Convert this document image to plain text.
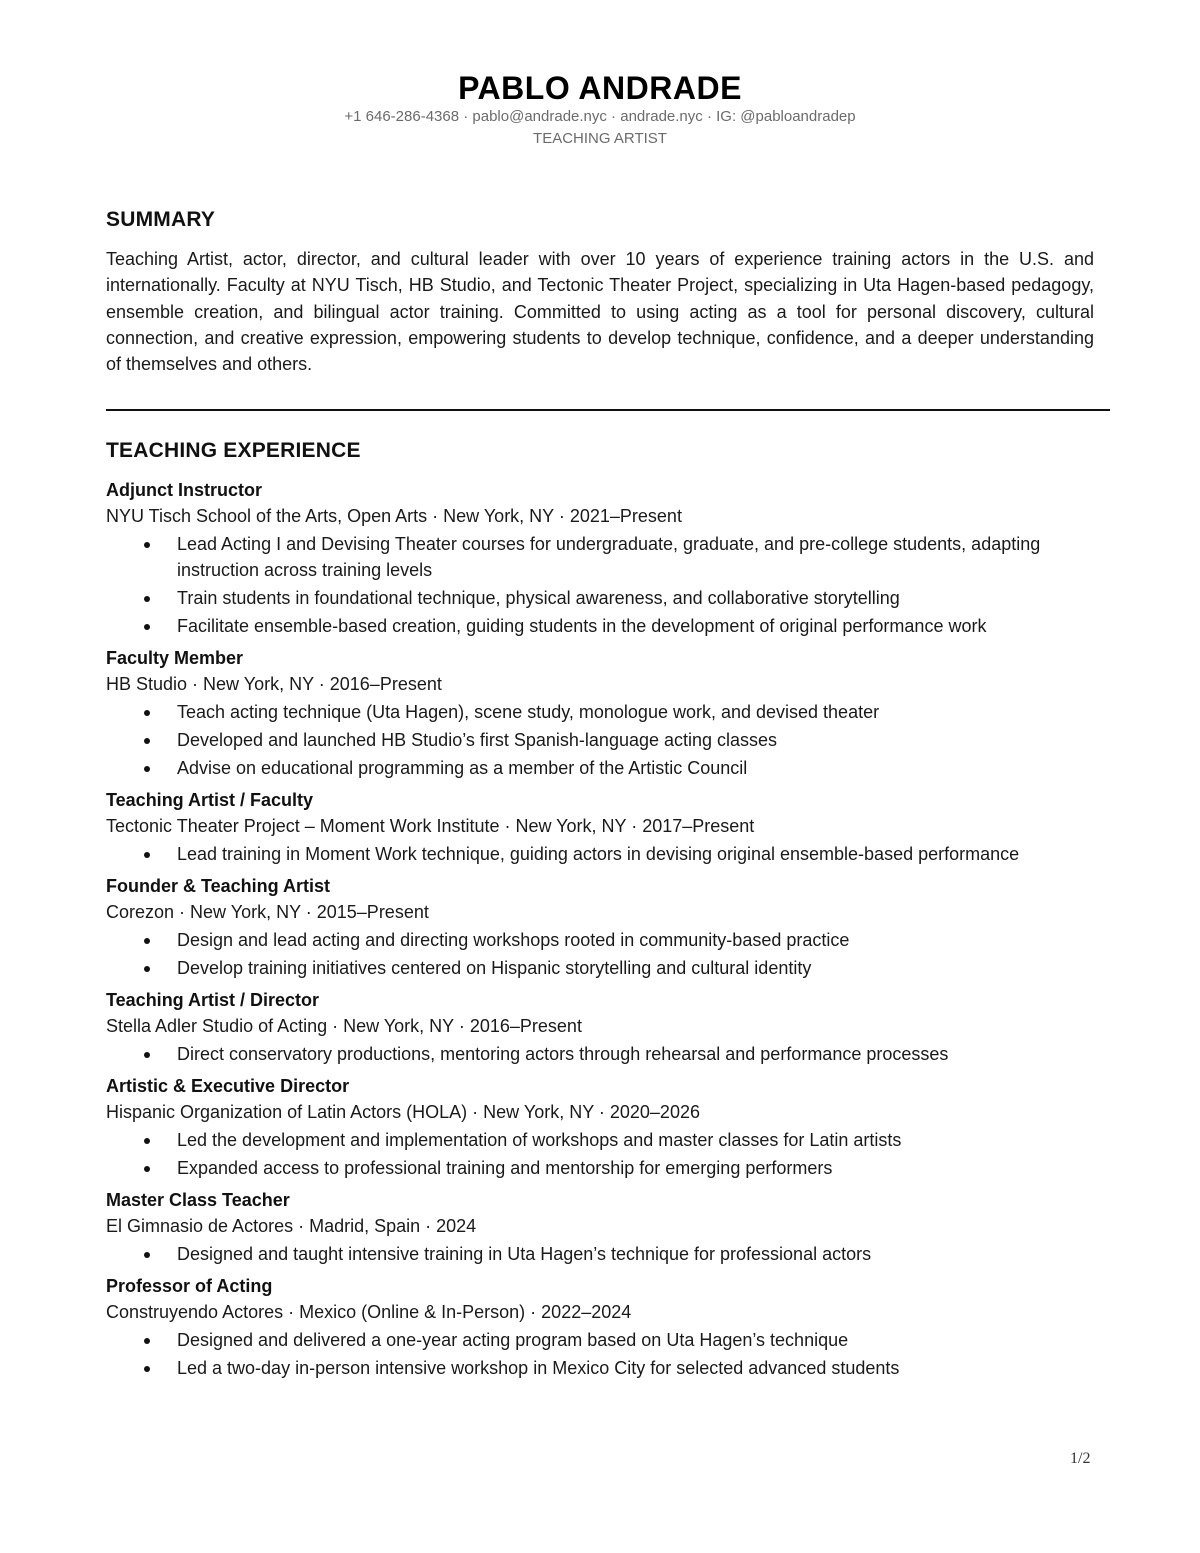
PABLO ANDRADE

+1 646-286-4368 · pablo@andrade.nyc · andrade.nyc · IG: @pabloandradep

TEACHING ARTIST

SUMMARY

Teaching Artist, actor, director, and cultural leader with over 10 years of experience training actors in the U.S. and internationally. Faculty at NYU Tisch, HB Studio, and Tectonic Theater Project, specializing in Uta Hagen-based pedagogy, ensemble creation, and bilingual actor training. Committed to using acting as a tool for personal discovery, cultural connection, and creative expression, empowering students to develop technique, confidence, and a deeper understanding of themselves and others.

TEACHING EXPERIENCE

Adjunct Instructor

NYU Tisch School of the Arts, Open Arts · New York, NY · 2021–Present

Lead Acting I and Devising Theater courses for undergraduate, graduate, and pre-college students, adapting instruction across training levels
Train students in foundational technique, physical awareness, and collaborative storytelling
Facilitate ensemble-based creation, guiding students in the development of original performance work

Faculty Member

HB Studio · New York, NY · 2016–Present

Teach acting technique (Uta Hagen), scene study, monologue work, and devised theater
Developed and launched HB Studio’s first Spanish-language acting classes
Advise on educational programming as a member of the Artistic Council

Teaching Artist / Faculty

Tectonic Theater Project – Moment Work Institute · New York, NY · 2017–Present

Lead training in Moment Work technique, guiding actors in devising original ensemble-based performance

Founder & Teaching Artist

Corezon · New York, NY · 2015–Present

Design and lead acting and directing workshops rooted in community-based practice
Develop training initiatives centered on Hispanic storytelling and cultural identity

Teaching Artist / Director

Stella Adler Studio of Acting · New York, NY · 2016–Present

Direct conservatory productions, mentoring actors through rehearsal and performance processes

Artistic & Executive Director

Hispanic Organization of Latin Actors (HOLA) · New York, NY · 2020–2026

Led the development and implementation of workshops and master classes for Latin artists
Expanded access to professional training and mentorship for emerging performers

Master Class Teacher

El Gimnasio de Actores · Madrid, Spain · 2024

Designed and taught intensive training in Uta Hagen’s technique for professional actors

Professor of Acting

Construyendo Actores · Mexico (Online & In-Person) · 2022–2024

Designed and delivered a one-year acting program based on Uta Hagen’s technique
Led a two-day in-person intensive workshop in Mexico City for selected advanced students
1/2
